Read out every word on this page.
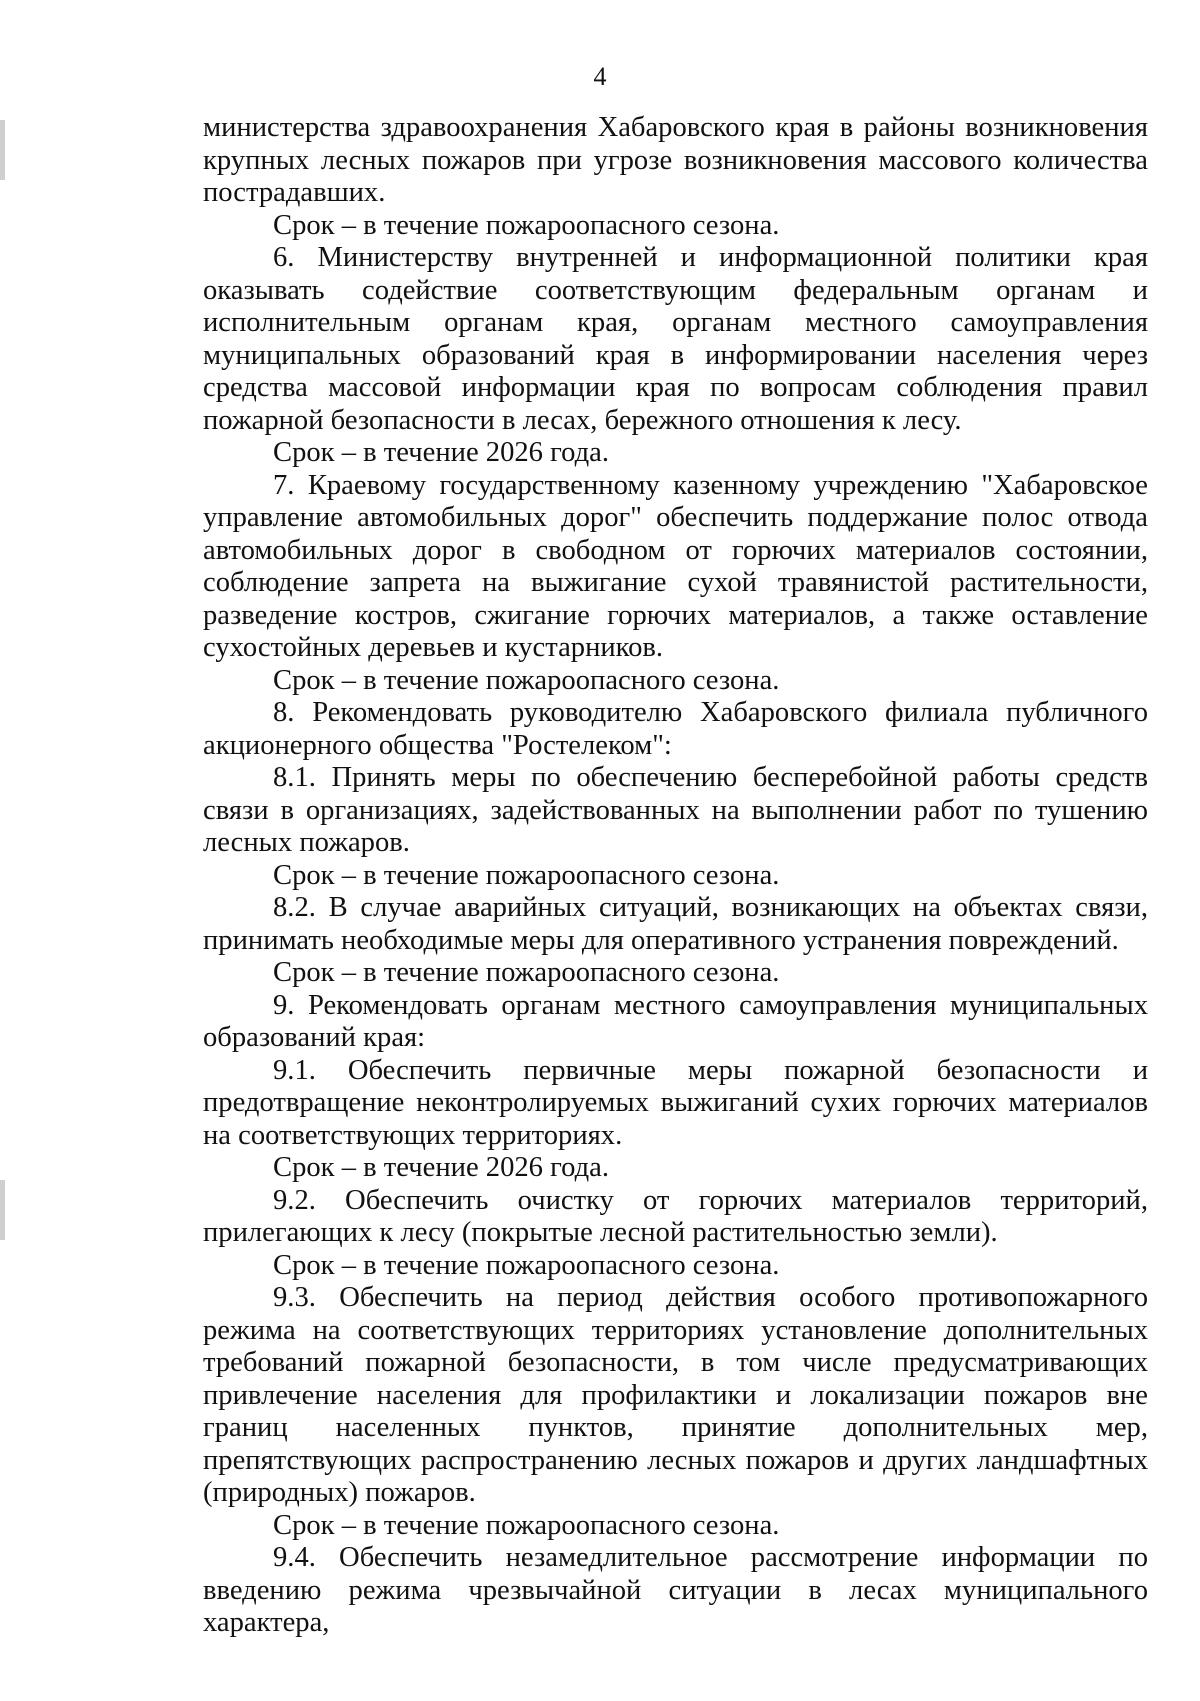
4

министерства здравоохранения Хабаровского края в районы возникновения крупных лесных пожаров при угрозе возникновения массового количества пострадавших.

Срок – в течение пожароопасного сезона.

6. Министерству внутренней и информационной политики края оказывать содействие соответствующим федеральным органам и исполнительным органам края, органам местного самоуправления муниципальных образований края в информировании населения через средства массовой информации края по вопросам соблюдения правил пожарной безопасности в лесах, бережного отношения к лесу.

Срок – в течение 2026 года.

7. Краевому государственному казенному учреждению "Хабаровское управление автомобильных дорог" обеспечить поддержание полос отвода автомобильных дорог в свободном от горючих материалов состоянии, соблюдение запрета на выжигание сухой травянистой растительности, разведение костров, сжигание горючих материалов, а также оставление сухостойных деревьев и кустарников.

Срок – в течение пожароопасного сезона.

8. Рекомендовать руководителю Хабаровского филиала публичного акционерного общества "Ростелеком":

8.1. Принять меры по обеспечению бесперебойной работы средств связи в организациях, задействованных на выполнении работ по тушению лесных пожаров.

Срок – в течение пожароопасного сезона.

8.2. В случае аварийных ситуаций, возникающих на объектах связи, принимать необходимые меры для оперативного устранения повреждений.

Срок – в течение пожароопасного сезона.

9. Рекомендовать органам местного самоуправления муниципальных образований края:

9.1. Обеспечить первичные меры пожарной безопасности и предотвращение неконтролируемых выжиганий сухих горючих материалов на соответствующих территориях.

Срок – в течение 2026 года.

9.2. Обеспечить очистку от горючих материалов территорий, прилегающих к лесу (покрытые лесной растительностью земли).

Срок – в течение пожароопасного сезона.

9.3. Обеспечить на период действия особого противопожарного режима на соответствующих территориях установление дополнительных требований пожарной безопасности, в том числе предусматривающих привлечение населения для профилактики и локализации пожаров вне границ населенных пунктов, принятие дополнительных мер, препятствующих распространению лесных пожаров и других ландшафтных (природных) пожаров.

Срок – в течение пожароопасного сезона.

9.4. Обеспечить незамедлительное рассмотрение информации по введению режима чрезвычайной ситуации в лесах муниципального характера,
